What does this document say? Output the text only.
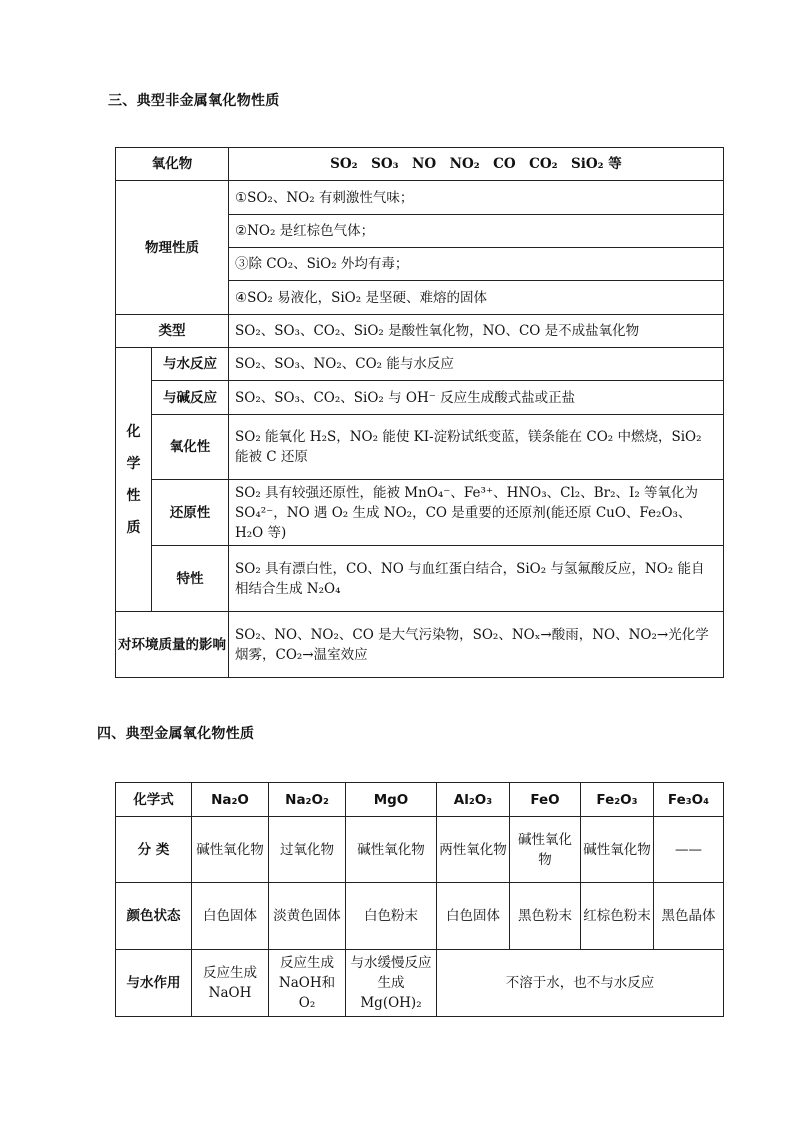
三、典型非金属氧化物性质
氧化物		SO₂　SO₃　NO　NO₂　CO　CO₂　SiO₂ 等
物理性质		①SO₂、NO₂ 有刺激性气味；
		②NO₂ 是红棕色气体；
		③除 CO₂、SiO₂ 外均有毒；
		④SO₂ 易液化，SiO₂ 是坚硬、难熔的固体
类型		SO₂、SO₃、CO₂、SiO₂ 是酸性氧化物，NO、CO 是不成盐氧化物

化
学
性
质	与水反应	SO₂、SO₃、NO₂、CO₂ 能与水反应
	与碱反应	SO₂、SO₃、CO₂、SiO₂ 与 OH⁻ 反应生成酸式盐或正盐
	氧化性	SO₂ 能氧化 H₂S，NO₂ 能使 KI-淀粉试纸变蓝，镁条能在 CO₂ 中燃烧，SiO₂ 能被 C 还原
	还原性	SO₂ 具有较强还原性，能被 MnO₄⁻、Fe³⁺、HNO₃、Cl₂、Br₂、I₂ 等氧化为 SO₄²⁻，NO 遇 O₂ 生成 NO₂，CO 是重要的还原剂(能还原 CuO、Fe₂O₃、H₂O 等)
	特性	SO₂ 具有漂白性，CO、NO 与血红蛋白结合，SiO₂ 与氢氟酸反应，NO₂ 能自相结合生成 N₂O₄
对环境质量的影响		SO₂、NO、NO₂、CO 是大气污染物，SO₂、NOₓ→酸雨，NO、NO₂→光化学烟雾，CO₂→温室效应
四、典型金属氧化物性质
化学式	Na₂O	Na₂O₂	MgO	Al₂O₃	FeO	Fe₂O₃	Fe₃O₄
分 类	碱性氧化物	过氧化物	碱性氧化物	两性氧化物	碱性氧化物	碱性氧化物	——
颜色状态	白色固体	淡黄色固体	白色粉末	白色固体	黑色粉末	红棕色粉末	黑色晶体
与水作用	反应生成NaOH	反应生成NaOH和O₂	与水缓慢反应生成Mg(OH)₂	不溶于水，也不与水反应			
